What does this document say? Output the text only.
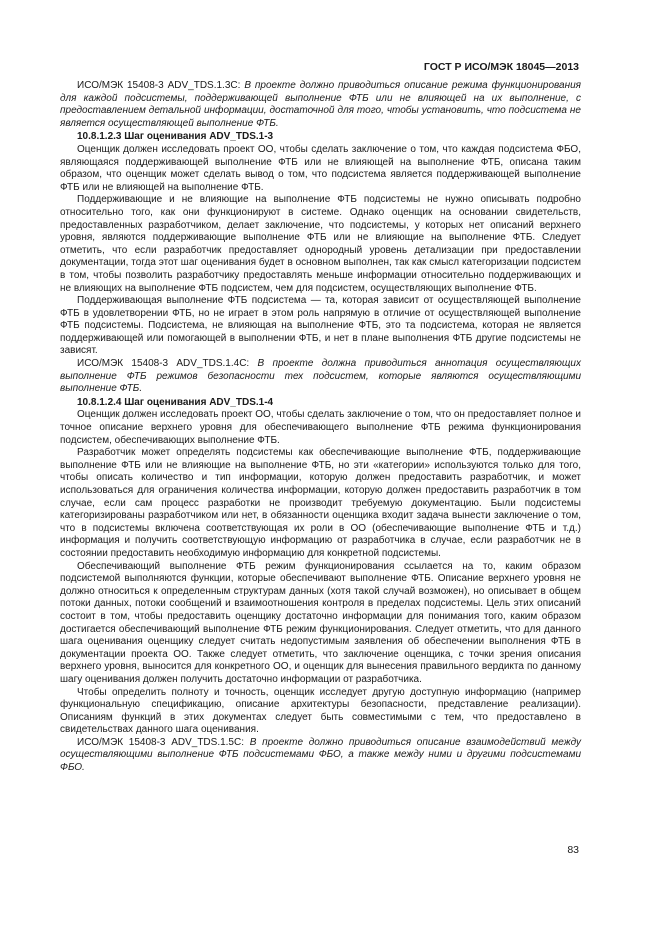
ГОСТ Р ИСО/МЭК 18045—2013

ИСО/МЭК 15408-3 ADV_TDS.1.3C: В проекте должно приводиться описание режима функционирования для каждой подсистемы, поддерживающей выполнение ФТБ или не влияющей на их выполнение, с предоставлением детальной информации, достаточной для того, чтобы установить, что подсистема не является осуществляющей выполнение ФТБ.

10.8.1.2.3 Шаг оценивания ADV_TDS.1-3

Оценщик должен исследовать проект ОО, чтобы сделать заключение о том, что каждая подсистема ФБО, являющаяся поддерживающей выполнение ФТБ или не влияющей на выполнение ФТБ, описана таким образом, что оценщик может сделать вывод о том, что подсистема является поддерживающей выполнение ФТБ или не влияющей на выполнение ФТБ.

Поддерживающие и не влияющие на выполнение ФТБ подсистемы не нужно описывать подробно относительно того, как они функционируют в системе. Однако оценщик на основании свидетельств, предоставленных разработчиком, делает заключение, что подсистемы, у которых нет описаний верхнего уровня, являются поддерживающие выполнение ФТБ или не влияющие на выполнение ФТБ. Следует отметить, что если разработчик предоставляет однородный уровень детализации при предоставлении документации, тогда этот шаг оценивания будет в основном выполнен, так как смысл категоризации подсистем в том, чтобы позволить разработчику предоставлять меньше информации относительно поддерживающих и не влияющих на выполнение ФТБ подсистем, чем для подсистем, осуществляющих выполнение ФТБ.

Поддерживающая выполнение ФТБ подсистема — та, которая зависит от осуществляющей выполнение ФТБ в удовлетворении ФТБ, но не играет в этом роль напрямую в отличие от осуществляющей выполнение ФТБ подсистемы. Подсистема, не влияющая на выполнение ФТБ, это та подсистема, которая не является поддерживающей или помогающей в выполнении ФТБ, и нет в плане выполнения ФТБ другие подсистемы не зависят.

ИСО/МЭК 15408-3 ADV_TDS.1.4C: В проекте должна приводиться аннотация осуществляющих выполнение ФТБ режимов безопасности тех подсистем, которые являются осуществляющими выполнение ФТБ.

10.8.1.2.4 Шаг оценивания ADV_TDS.1-4

Оценщик должен исследовать проект ОО, чтобы сделать заключение о том, что он предоставляет полное и точное описание верхнего уровня для обеспечивающего выполнение ФТБ режима функционирования подсистем, обеспечивающих выполнение ФТБ.

Разработчик может определять подсистемы как обеспечивающие выполнение ФТБ, поддерживающие выполнение ФТБ или не влияющие на выполнение ФТБ, но эти «категории» используются только для того, чтобы описать количество и тип информации, которую должен предоставить разработчик, и может использоваться для ограничения количества информации, которую должен предоставить разработчик в том случае, если сам процесс разработки не производит требуемую документацию. Были подсистемы категоризированы разработчиком или нет, в обязанности оценщика входит задача вынести заключение о том, что в подсистемы включена соответствующая их роли в ОО (обеспечивающие выполнение ФТБ и т.д.) информация и получить соответствующую информацию от разработчика в случае, если разработчик не в состоянии предоставить необходимую информацию для конкретной подсистемы.

Обеспечивающий выполнение ФТБ режим функционирования ссылается на то, каким образом подсистемой выполняются функции, которые обеспечивают выполнение ФТБ. Описание верхнего уровня не должно относиться к определенным структурам данных (хотя такой случай возможен), но описывает в общем потоки данных, потоки сообщений и взаимоотношения контроля в пределах подсистемы. Цель этих описаний состоит в том, чтобы предоставить оценщику достаточно информации для понимания того, каким образом достигается обеспечивающий выполнение ФТБ режим функционирования. Следует отметить, что для данного шага оценивания оценщику следует считать недопустимым заявления об обеспечении выполнения ФТБ в документации проекта ОО. Также следует отметить, что заключение оценщика, с точки зрения описания верхнего уровня, выносится для конкретного ОО, и оценщик для вынесения правильного вердикта по данному шагу оценивания должен получить достаточно информации от разработчика.

Чтобы определить полноту и точность, оценщик исследует другую доступную информацию (например функциональную спецификацию, описание архитектуры безопасности, представление реализации). Описаниям функций в этих документах следует быть совместимыми с тем, что предоставлено в свидетельствах данного шага оценивания.

ИСО/МЭК 15408-3 ADV_TDS.1.5C: В проекте должно приводиться описание взаимодействий между осуществляющими выполнение ФТБ подсистемами ФБО, а также между ними и другими подсистемами ФБО.

83
